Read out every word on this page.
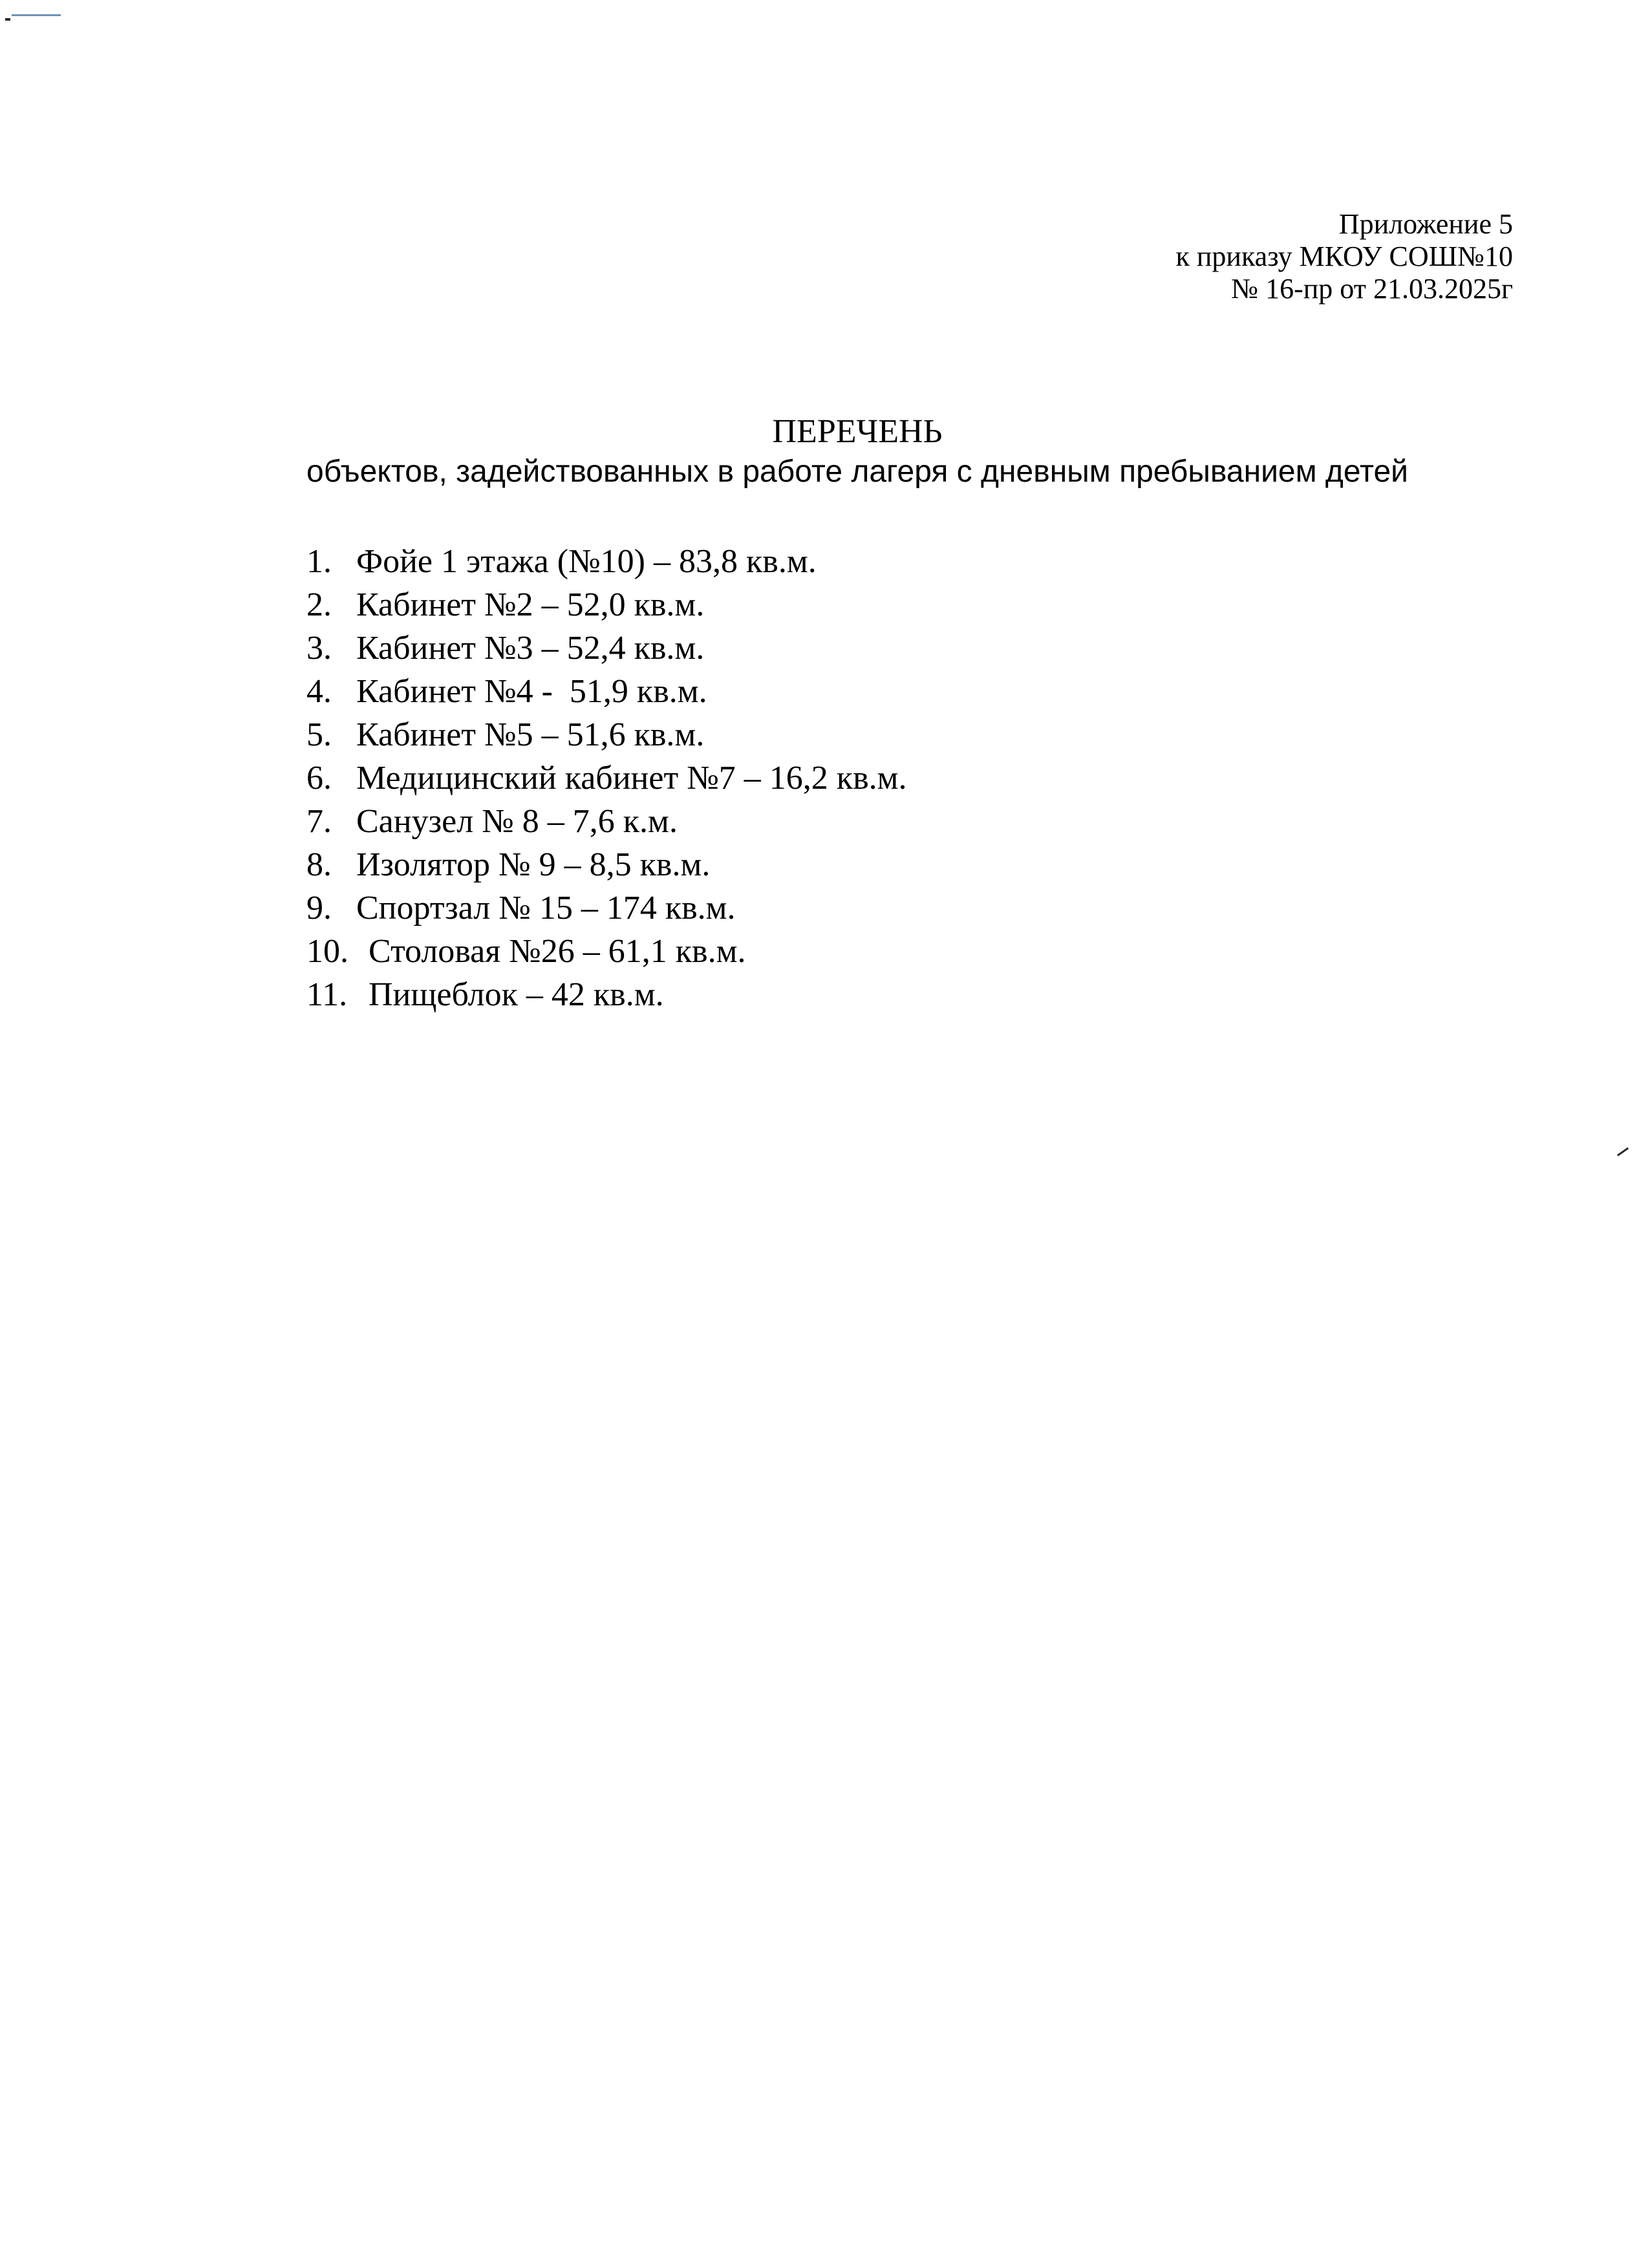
Приложение 5
к приказу МКОУ СОШ№10
№ 16-пр от 21.03.2025г
ПЕРЕЧЕНЬ
объектов, задействованных в работе лагеря с дневным пребыванием детей
1. Фойе 1 этажа (№10) – 83,8 кв.м.
2. Кабинет №2 – 52,0 кв.м.
3. Кабинет №3 – 52,4 кв.м.
4. Кабинет №4 -  51,9 кв.м.
5. Кабинет №5 – 51,6 кв.м.
6. Медицинский кабинет №7 – 16,2 кв.м.
7. Санузел № 8 – 7,6 к.м.
8. Изолятор № 9 – 8,5 кв.м.
9. Спортзал № 15 – 174 кв.м.
10. Столовая №26 – 61,1 кв.м.
11. Пищеблок – 42 кв.м.
